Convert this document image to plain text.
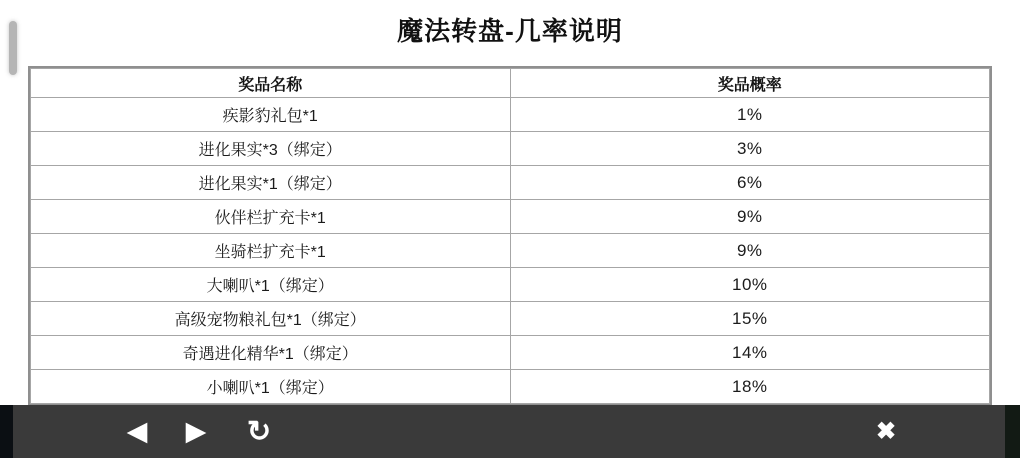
魔法转盘-几率说明
奖品名称	奖品概率
疾影豹礼包*1	1%
进化果实*3（绑定）	3%
进化果实*1（绑定）	6%
伙伴栏扩充卡*1	9%
坐骑栏扩充卡*1	9%
大喇叭*1（绑定）	10%
高级宠物粮礼包*1（绑定）	15%
奇遇进化精华*1（绑定）	14%
小喇叭*1（绑定）	18%
◀ ▶ ↻	✖
